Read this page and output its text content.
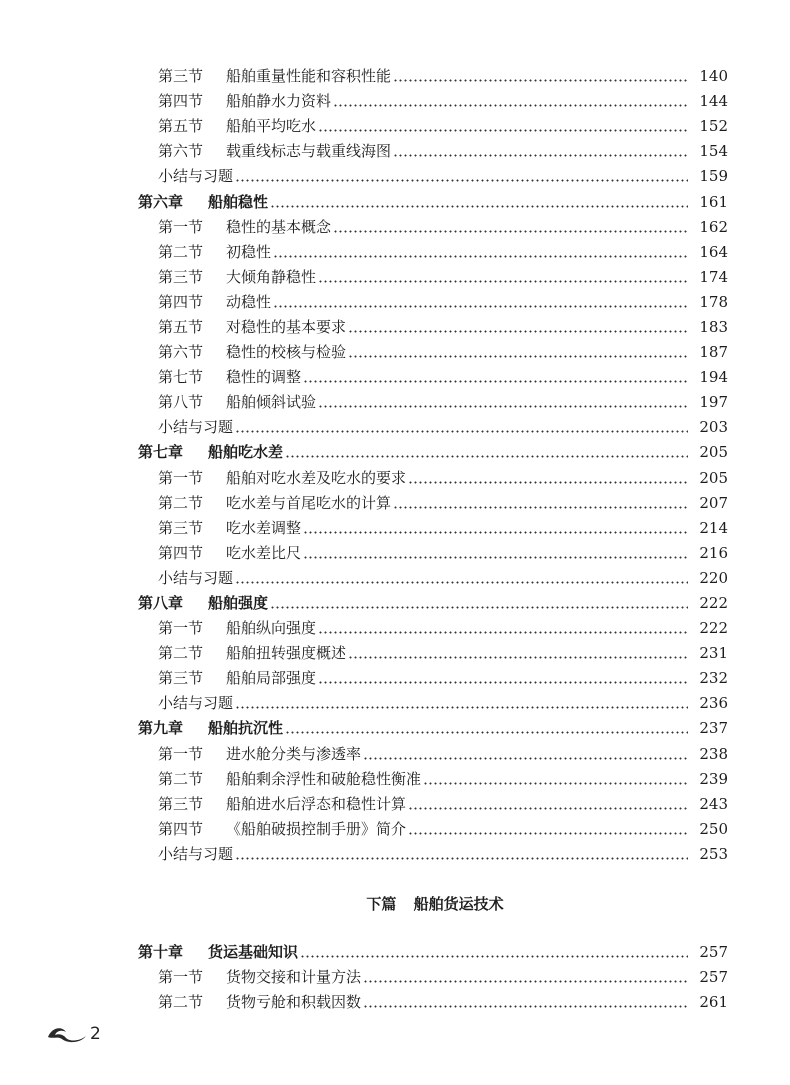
第三节	船舶重量性能和容积性能	140
第四节	船舶静水力资料	144
第五节	船舶平均吃水	152
第六节	载重线标志与载重线海图	154
小结与习题	159
第六章	船舶稳性	161
第一节	稳性的基本概念	162
第二节	初稳性	164
第三节	大倾角静稳性	174
第四节	动稳性	178
第五节	对稳性的基本要求	183
第六节	稳性的校核与检验	187
第七节	稳性的调整	194
第八节	船舶倾斜试验	197
小结与习题	203
第七章	船舶吃水差	205
第一节	船舶对吃水差及吃水的要求	205
第二节	吃水差与首尾吃水的计算	207
第三节	吃水差调整	214
第四节	吃水差比尺	216
小结与习题	220
第八章	船舶强度	222
第一节	船舶纵向强度	222
第二节	船舶扭转强度概述	231
第三节	船舶局部强度	232
小结与习题	236
第九章	船舶抗沉性	237
第一节	进水舱分类与渗透率	238
第二节	船舶剩余浮性和破舱稳性衡准	239
第三节	船舶进水后浮态和稳性计算	243
第四节	《船舶破损控制手册》简介	250
小结与习题	253
下篇 船舶货运技术
第十章	货运基础知识	257
第一节	货物交接和计量方法	257
第二节	货物亏舱和积载因数	261
2
